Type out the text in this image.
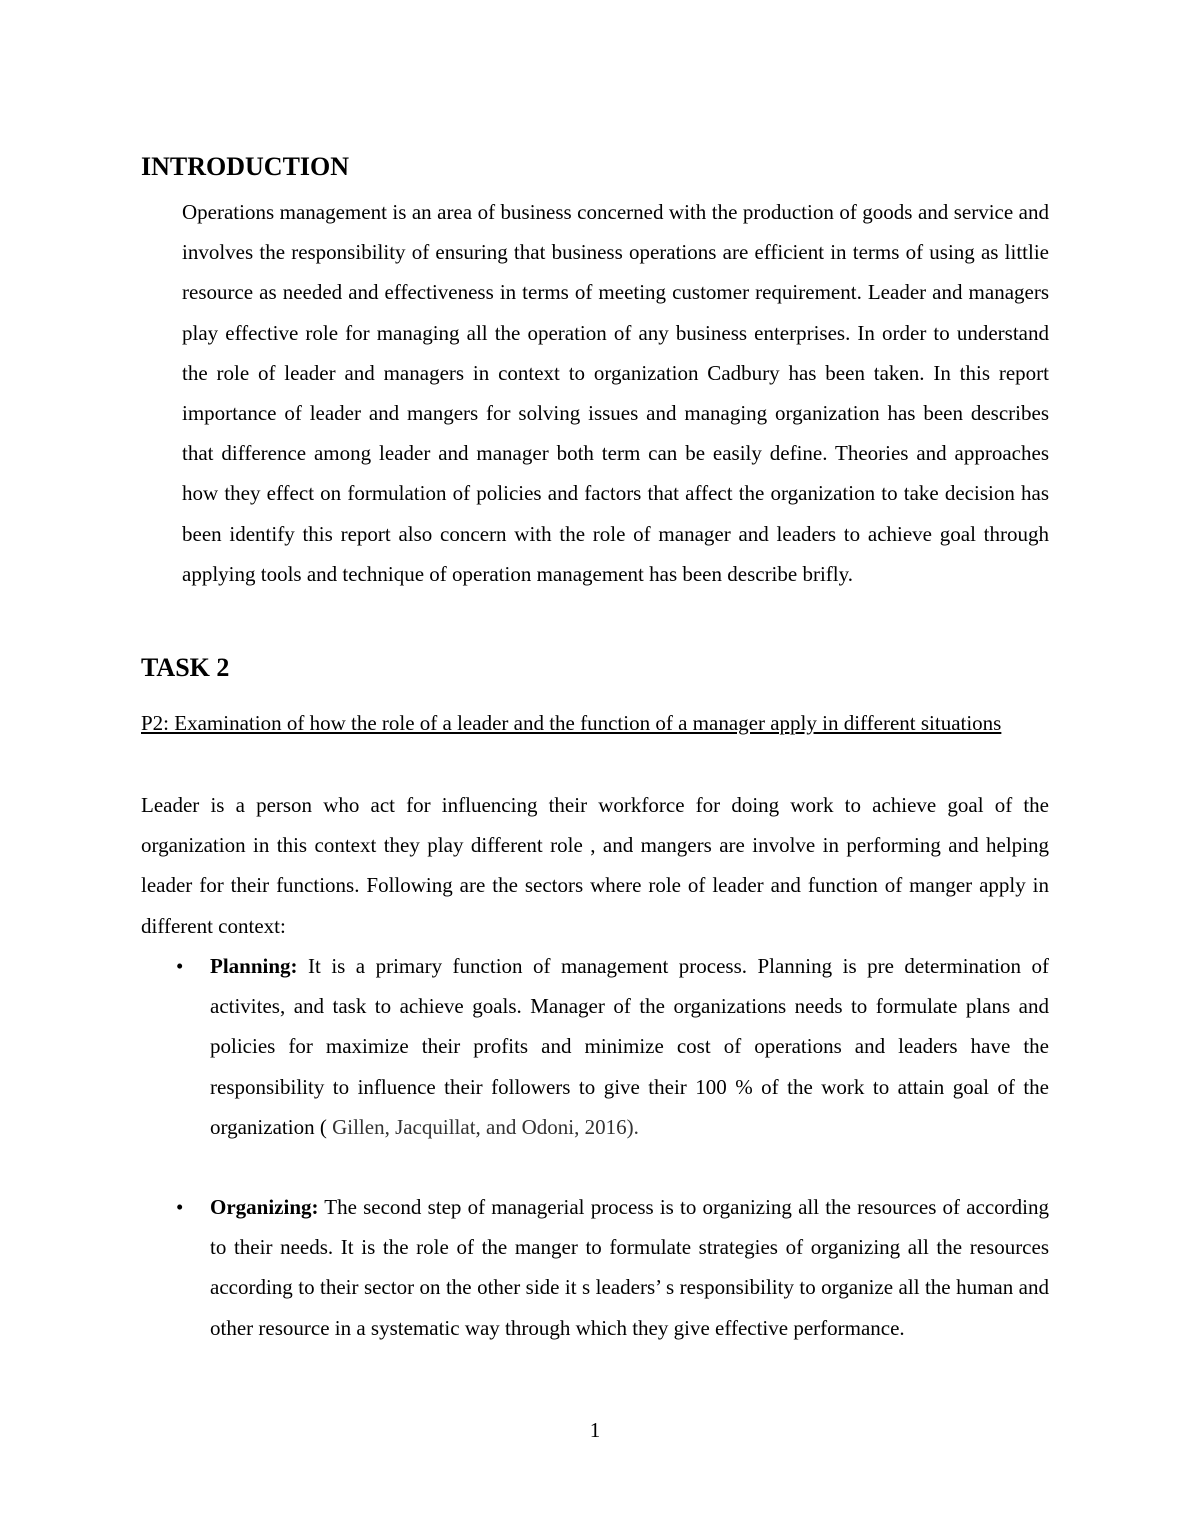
INTRODUCTION

Operations management is an area of business concerned with the production of goods and service and involves the responsibility of ensuring that business operations are efficient in terms of using as littlie resource as needed and effectiveness in terms of meeting customer requirement. Leader and managers play effective role for managing all the operation of any business enterprises. In order to understand the role of leader and managers in context to organization Cadbury has been taken. In this report importance of leader and mangers for solving issues and managing organization has been describes that difference among leader and manager both term can be easily define. Theories and approaches how they effect on formulation of policies and factors that affect the organization to take decision has been identify this report also concern with the role of manager and leaders to achieve goal through applying tools and technique of operation management has been describe brifly.

TASK 2

P2: Examination of how the role of a leader and the function of a manager apply in different situations

Leader is a person who act for influencing their workforce for doing work to achieve goal of the organization in this context they play different role , and mangers are involve in performing and helping leader for their functions. Following are the sectors where role of leader and function of manger apply in different context:

• Planning: It is a primary function of management process. Planning is pre determination of activites, and task to achieve goals. Manager of the organizations needs to formulate plans and policies for maximize their profits and minimize cost of operations and leaders have the responsibility to influence their followers to give their 100 % of the work to attain goal of the organization ( Gillen, Jacquillat, and Odoni, 2016).

• Organizing: The second step of managerial process is to organizing all the resources of according to their needs. It is the role of the manger to formulate strategies of organizing all the resources according to their sector on the other side it s leaders’ s responsibility to organize all the human and other resource in a systematic way through which they give effective performance.

1
